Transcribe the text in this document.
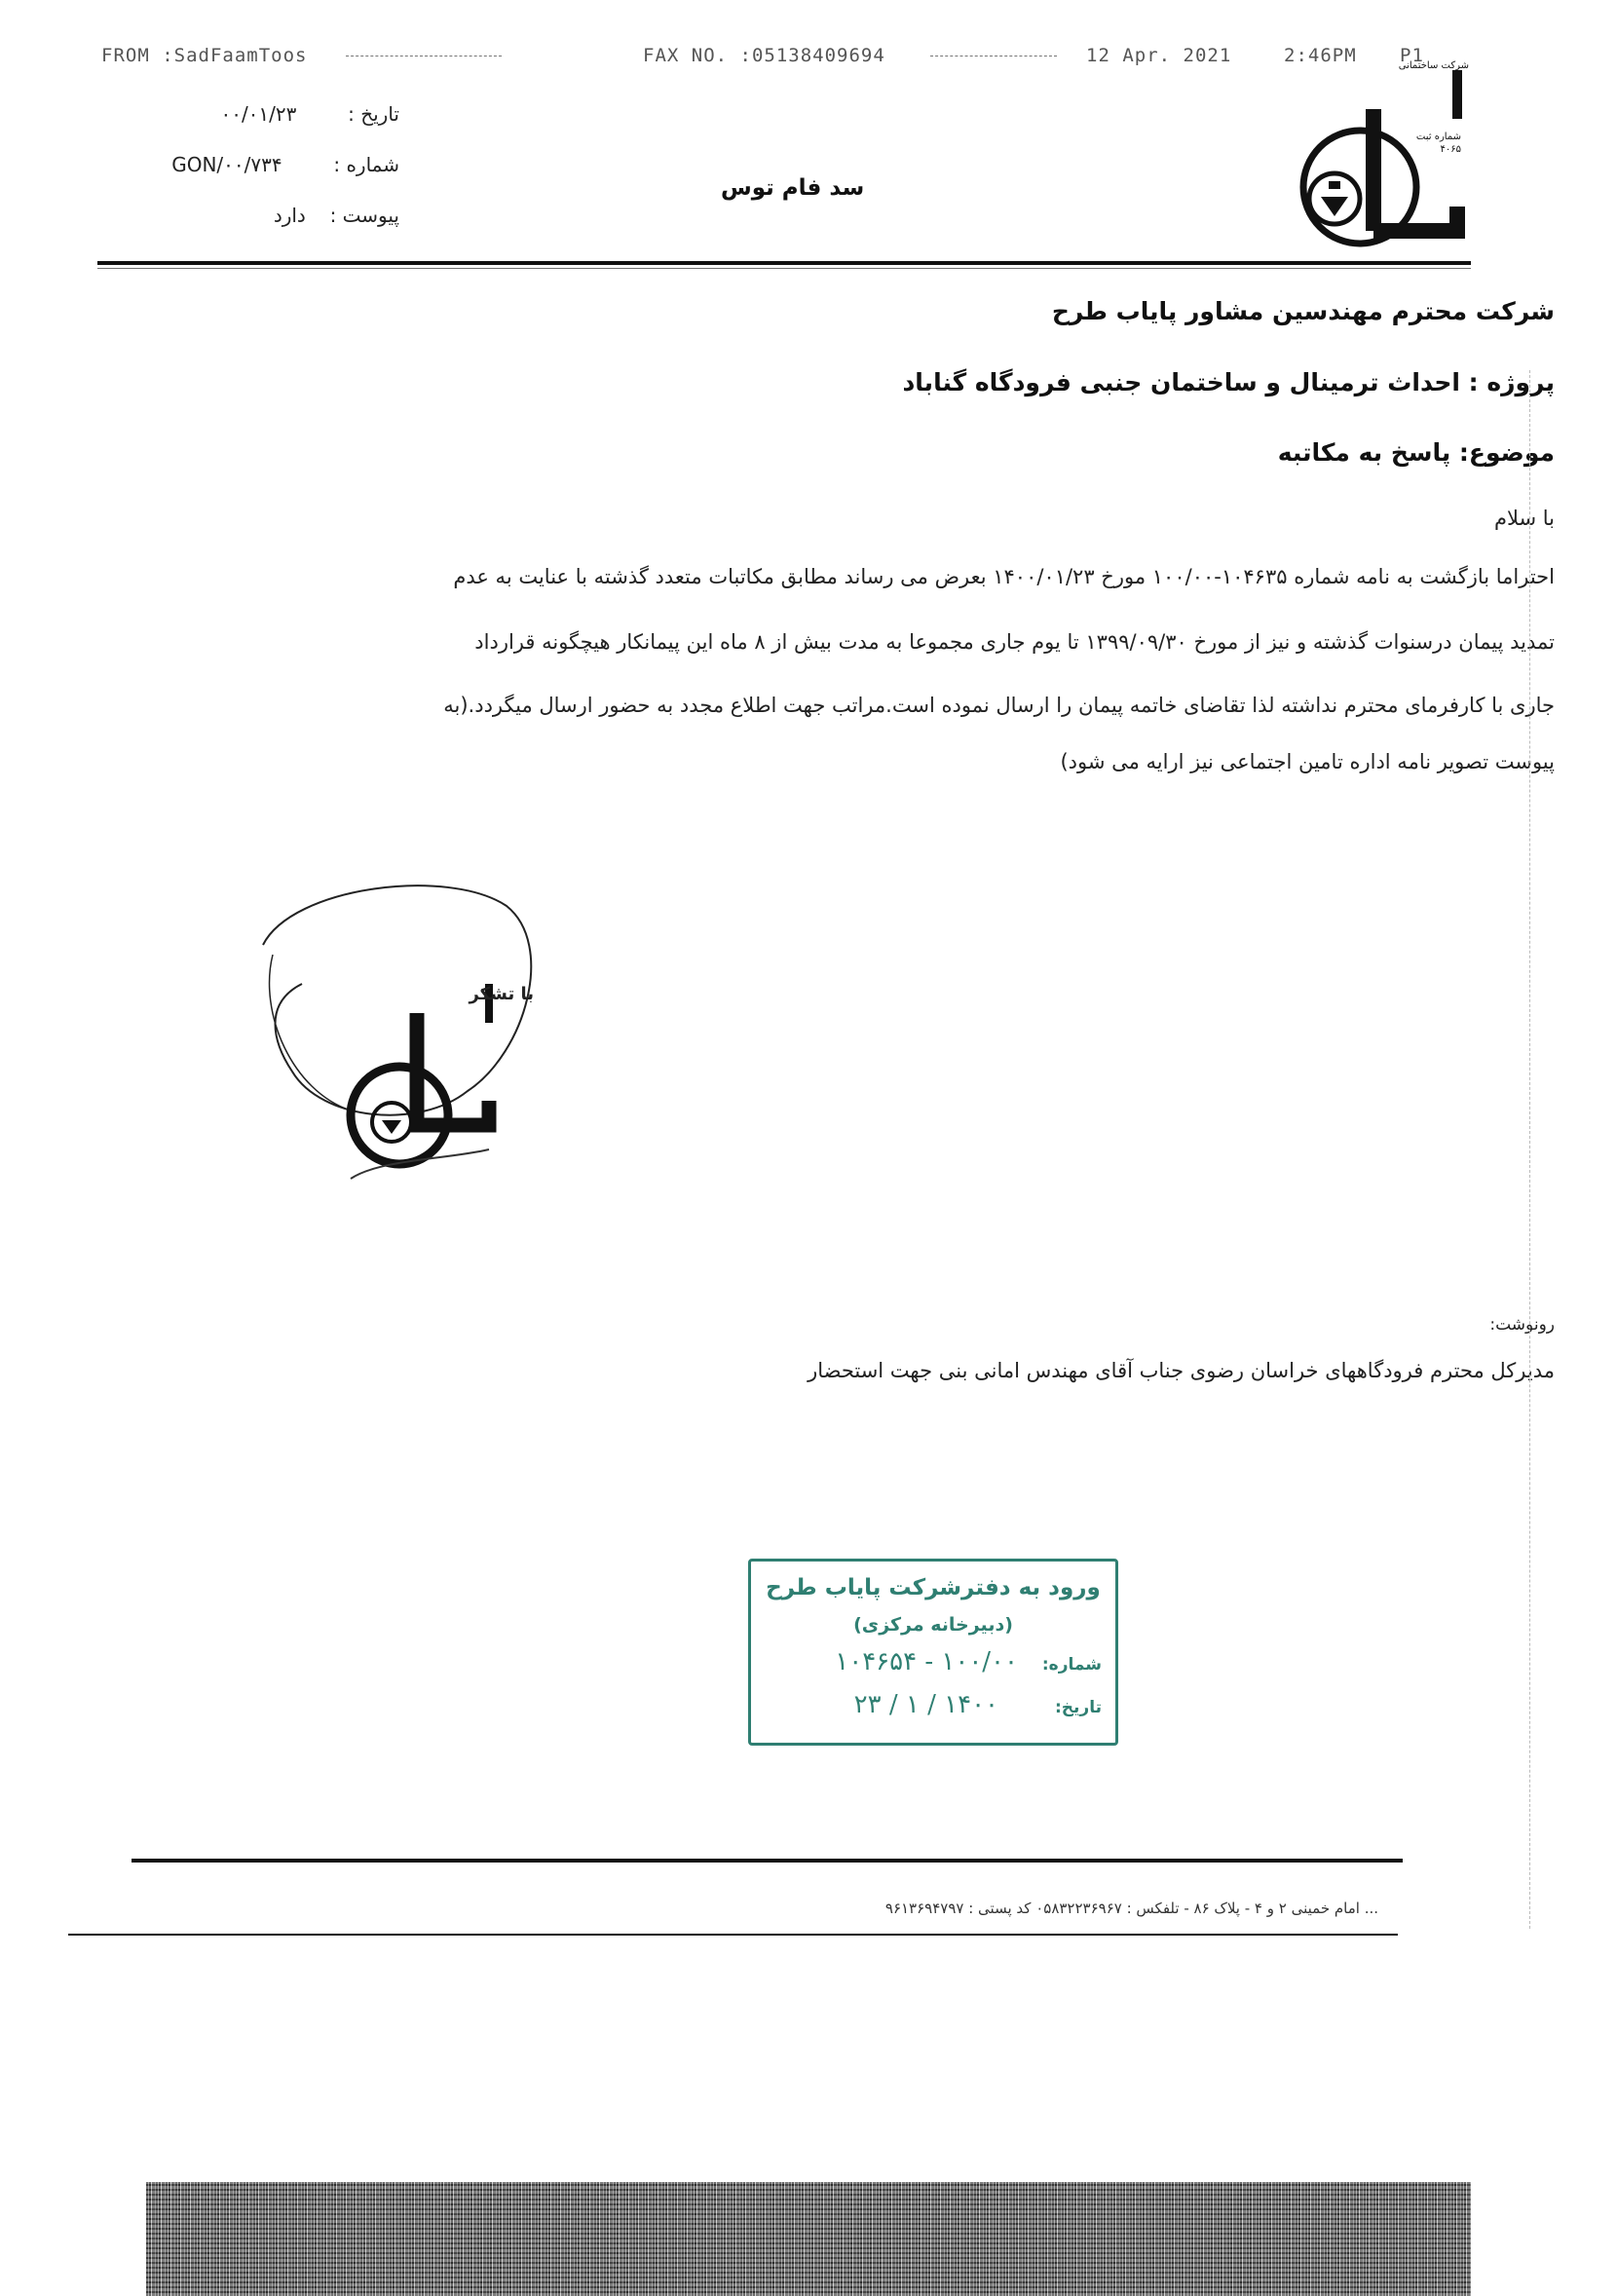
FROM :SadFaamToos	FAX NO. :05138409694	12 Apr. 2021	2:46PM P1
تاریخ :  ۰۰/۰۱/۲۳
شماره :  GON/۰۰/۷۳۴
پیوست :  دارد
سد فام توس
شماره ثبت
۴۰۶۵
شرکت ساختمانی
شرکت محترم مهندسین مشاور پایاب طرح
پروژه : احداث ترمینال و ساختمان جنبی فرودگاه گناباد
موضوع: پاسخ به مکاتبه
با سلام
احتراما بازگشت به نامه شماره ۱۰۴۶۳۵-۱۰۰/۰۰ مورخ ۱۴۰۰/۰۱/۲۳ بعرض می رساند مطابق مکاتبات متعدد گذشته با عنایت به عدم
تمدید پیمان درسنوات گذشته و نیز از مورخ ۱۳۹۹/۰۹/۳۰ تا یوم جاری مجموعا به مدت بیش از ۸ ماه این پیمانکار هیچگونه قرارداد
جاری با کارفرمای محترم نداشته لذا تقاضای خاتمه پیمان را ارسال نموده است.مراتب جهت اطلاع مجدد به حضور ارسال میگردد.(به
پیوست تصویر نامه اداره تامین اجتماعی نیز ارایه می شود)
با تشکر
رونوشت:
مدیرکل محترم فرودگاههای خراسان رضوی جناب آقای مهندس امانی بنی جهت استحضار
ورود به دفترشرکت پایاب طرح
(دبیرخانه مرکزی)
شماره:
۱۰۰/۰۰ - ۱۰۴۶۵۴
تاریخ:
۱۴۰۰ / ۱ / ۲۳
... امام خمینی ۲ و ۴ - پلاک ۸۶ - تلفکس : ۰۵۸۳۲۲۳۶۹۶۷ کد پستی : ۹۶۱۳۶۹۴۷۹۷
